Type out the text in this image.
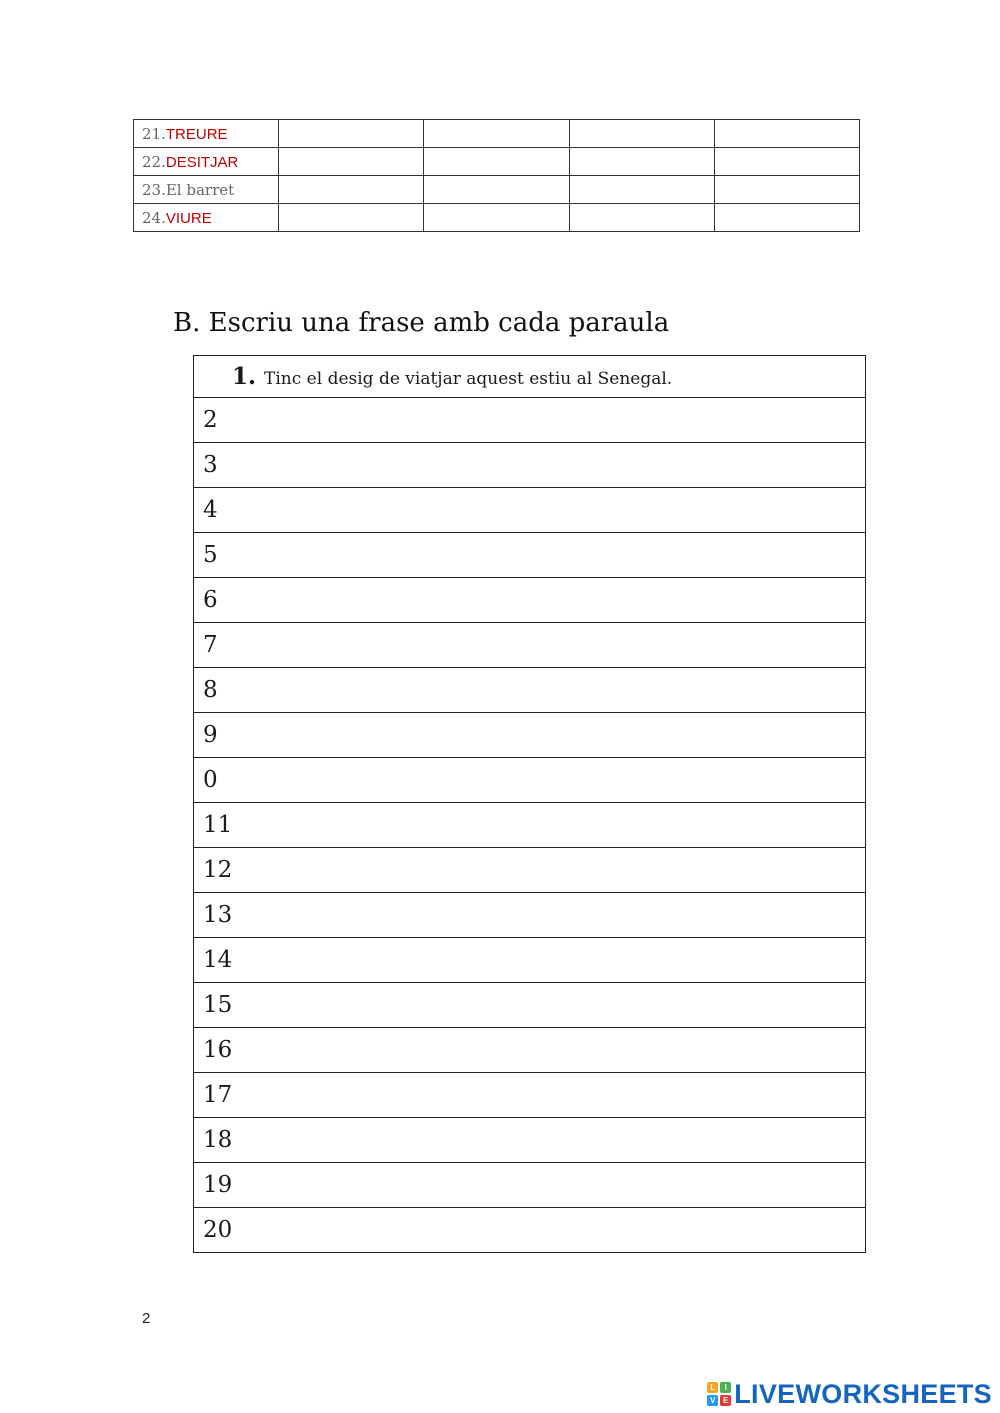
21.TREURE				
22.DESITJAR				
23.El barret				
24.VIURE				
B. Escriu una frase amb cada paraula
1. Tinc el desig de viatjar aquest estiu al Senegal.
2
3
4
5
6
7
8
9
0
11
12
13
14
15
16
17
18
19
20
2
L	I
V E LIVEWORKSHEETS
